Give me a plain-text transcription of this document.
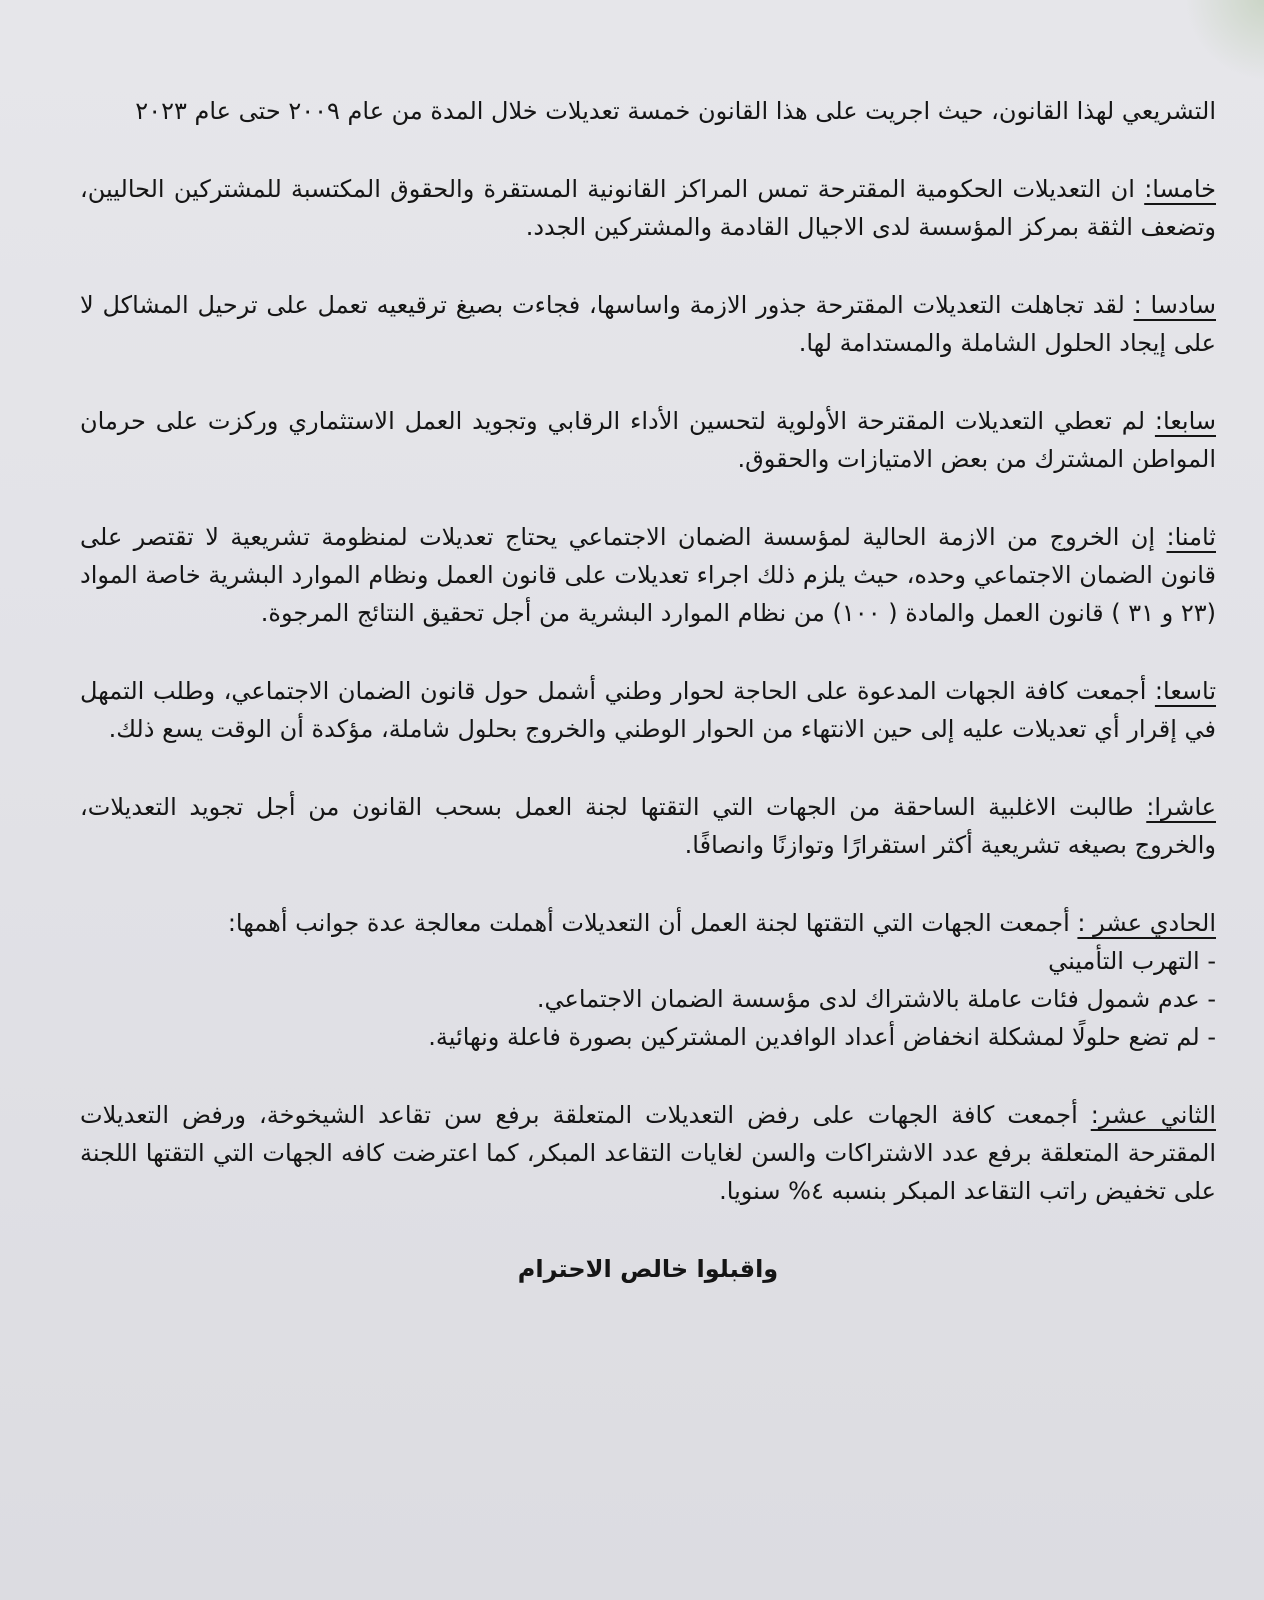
التشريعي لهذا القانون، حيث اجريت على هذا القانون خمسة تعديلات خلال المدة من عام ٢٠٠٩ حتى عام ٢٠٢٣

خامسا: ان التعديلات الحكومية المقترحة تمس المراكز القانونية المستقرة والحقوق المكتسبة للمشتركين الحاليين، وتضعف الثقة بمركز المؤسسة لدى الاجيال القادمة والمشتركين الجدد.

سادسا : لقد تجاهلت التعديلات المقترحة جذور الازمة واساسها، فجاءت بصيغ ترقيعيه تعمل على ترحيل المشاكل لا على إيجاد الحلول الشاملة والمستدامة لها.

سابعا: لم تعطي التعديلات المقترحة الأولوية لتحسين الأداء الرقابي وتجويد العمل الاستثماري وركزت على حرمان المواطن المشترك من بعض الامتيازات والحقوق.

ثامنا: إن الخروج من الازمة الحالية لمؤسسة الضمان الاجتماعي يحتاج تعديلات لمنظومة تشريعية لا تقتصر على قانون الضمان الاجتماعي وحده، حيث يلزم ذلك اجراء تعديلات على قانون العمل ونظام الموارد البشرية خاصة المواد (٢٣ و ٣١ ) قانون العمل والمادة ( ١٠٠) من نظام الموارد البشرية من أجل تحقيق النتائج المرجوة.

تاسعا: أجمعت كافة الجهات المدعوة على الحاجة لحوار وطني أشمل حول قانون الضمان الاجتماعي، وطلب التمهل في إقرار أي تعديلات عليه إلى حين الانتهاء من الحوار الوطني والخروج بحلول شاملة، مؤكدة أن الوقت يسع ذلك.

عاشرا: طالبت الاغلبية الساحقة من الجهات التي التقتها لجنة العمل بسحب القانون من أجل تجويد التعديلات، والخروج بصيغه تشريعية أكثر استقرارًا وتوازنًا وانصافًا.

الحادي عشر : أجمعت الجهات التي التقتها لجنة العمل أن التعديلات أهملت معالجة عدة جوانب أهمها:
- التهرب التأميني
- عدم شمول فئات عاملة بالاشتراك لدى مؤسسة الضمان الاجتماعي.
- لم تضع حلولًا لمشكلة انخفاض أعداد الوافدين المشتركين بصورة فاعلة ونهائية.

الثاني عشر: أجمعت كافة الجهات على رفض التعديلات المتعلقة برفع سن تقاعد الشيخوخة، ورفض التعديلات المقترحة المتعلقة برفع عدد الاشتراكات والسن لغايات التقاعد المبكر، كما اعترضت كافه الجهات التي التقتها اللجنة على تخفيض راتب التقاعد المبكر بنسبه ٤% سنويا.

واقبلوا خالص الاحترام
